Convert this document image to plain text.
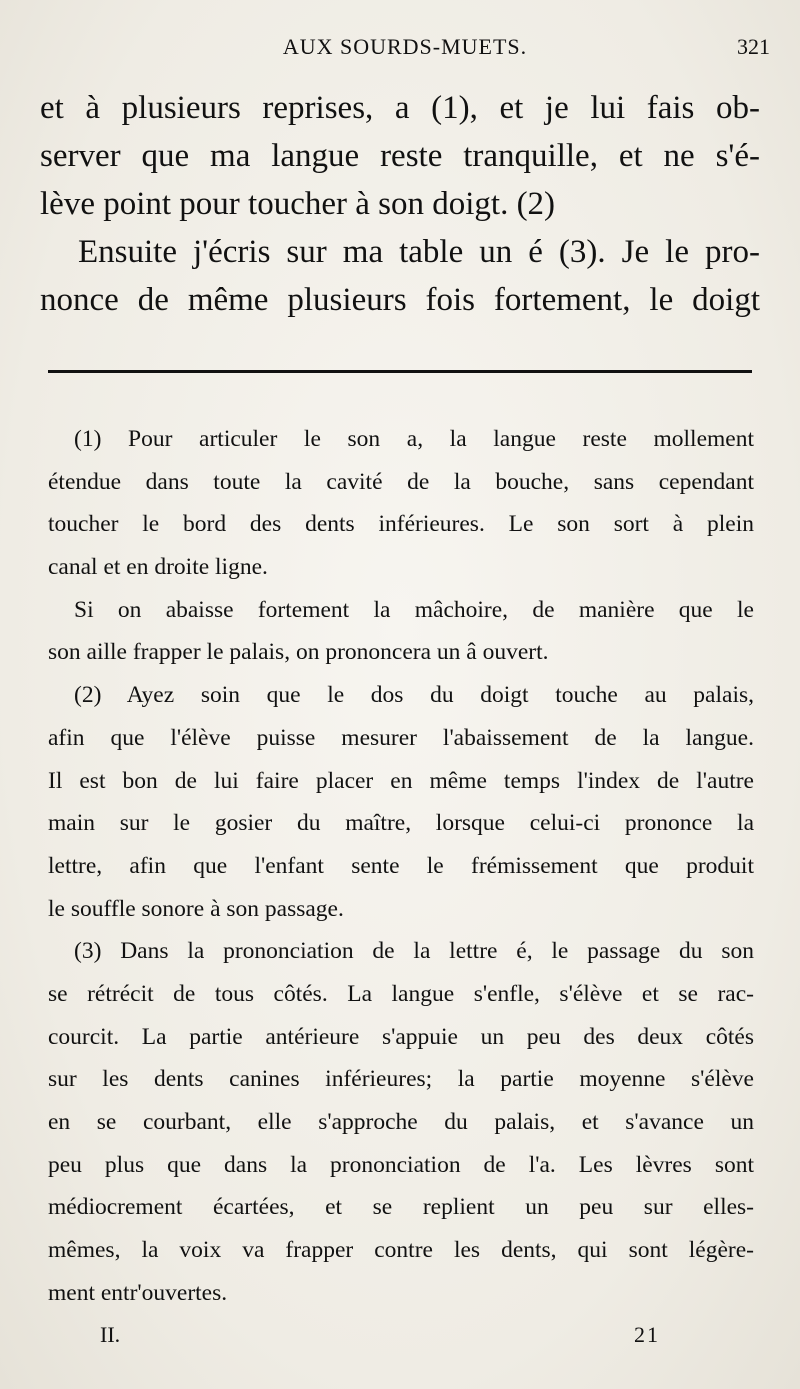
AUX SOURDS-MUETS.	321
et à plusieurs reprises, a (1), et je lui fais ob-
server que ma langue reste tranquille, et ne s'é-
lève point pour toucher à son doigt. (2)
Ensuite j'écris sur ma table un é (3). Je le pro-
nonce de même plusieurs fois fortement, le doigt
(1) Pour articuler le son a, la langue reste mollement
étendue dans toute la cavité de la bouche, sans cependant
toucher le bord des dents inférieures. Le son sort à plein
canal et en droite ligne.
Si on abaisse fortement la mâchoire, de manière que le
son aille frapper le palais, on prononcera un â ouvert.
(2) Ayez soin que le dos du doigt touche au palais,
afin que l'élève puisse mesurer l'abaissement de la langue.
Il est bon de lui faire placer en même temps l'index de l'autre
main sur le gosier du maître, lorsque celui-ci prononce la
lettre, afin que l'enfant sente le frémissement que produit
le souffle sonore à son passage.
(3) Dans la prononciation de la lettre é, le passage du son
se rétrécit de tous côtés. La langue s'enfle, s'élève et se rac-
courcit. La partie antérieure s'appuie un peu des deux côtés
sur les dents canines inférieures; la partie moyenne s'élève
en se courbant, elle s'approche du palais, et s'avance un
peu plus que dans la prononciation de l'a. Les lèvres sont
médiocrement écartées, et se replient un peu sur elles-
mêmes, la voix va frapper contre les dents, qui sont légère-
ment entr'ouvertes.
II.	21
